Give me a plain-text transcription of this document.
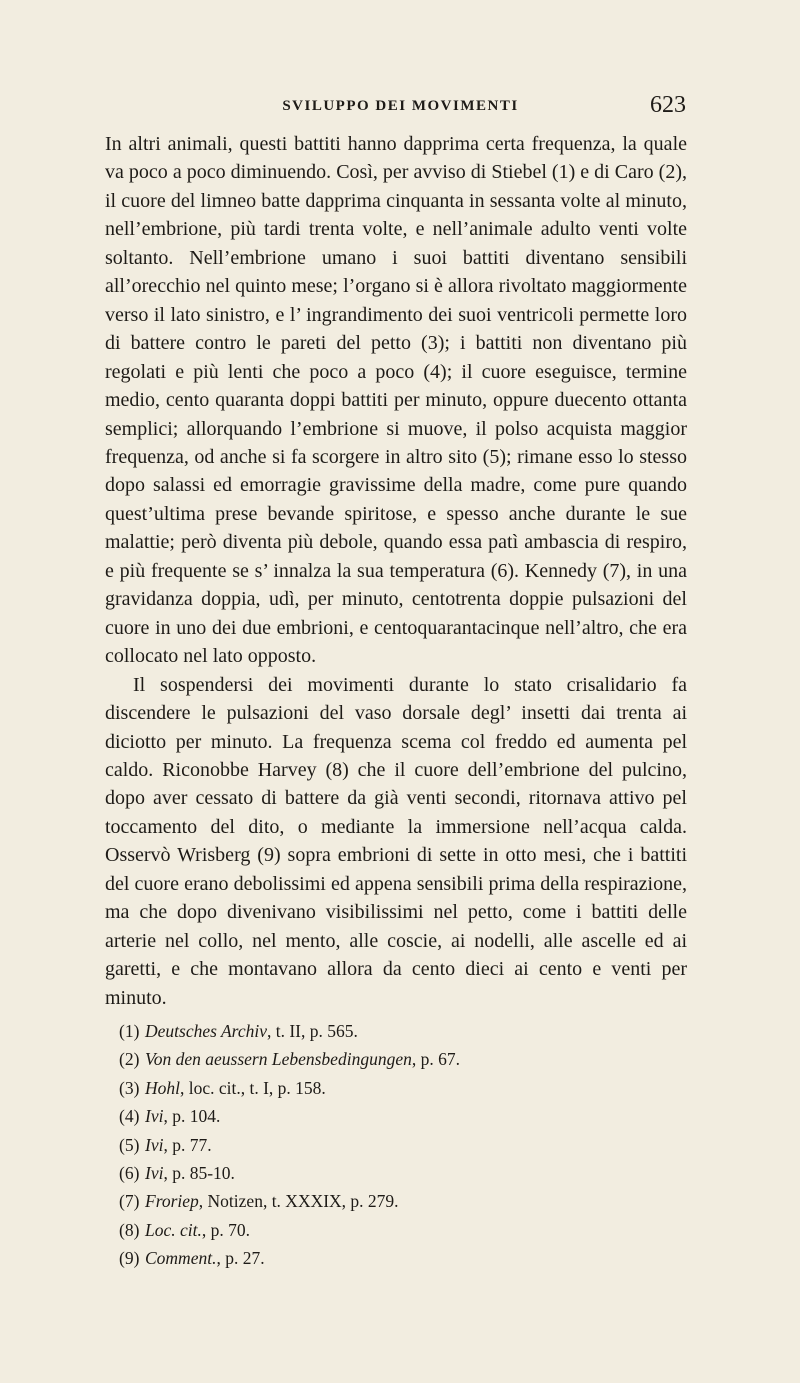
SVILUPPO DEI MOVIMENTI	623

In altri animali, questi battiti hanno dapprima certa frequenza, la quale va poco a poco diminuendo. Così, per avviso di Stiebel (1) e di Caro (2), il cuore del limneo batte dapprima cinquanta in sessanta volte al minuto, nell’embrione, più tardi trenta volte, e nell’animale adulto venti volte soltanto. Nell’embrione umano i suoi battiti diventano sensibili all’orecchio nel quinto mese; l’organo si è allora rivoltato maggiormente verso il lato sinistro, e l’ ingrandimento dei suoi ventricoli permette loro di battere contro le pareti del petto (3); i battiti non diventano più regolati e più lenti che poco a poco (4); il cuore eseguisce, termine medio, cento quaranta doppi battiti per minuto, oppure duecento ottanta semplici; allorquando l’embrione si muove, il polso acquista maggior frequenza, od anche si fa scorgere in altro sito (5); rimane esso lo stesso dopo salassi ed emorragie gravissime della madre, come pure quando quest’ultima prese bevande spiritose, e spesso anche durante le sue malattie; però diventa più debole, quando essa patì ambascia di respiro, e più frequente se s’ innalza la sua temperatura (6). Kennedy (7), in una gravidanza doppia, udì, per minuto, centotrenta doppie pulsazioni del cuore in uno dei due embrioni, e centoquarantacinque nell’altro, che era collocato nel lato opposto.

Il sospendersi dei movimenti durante lo stato crisalidario fa discendere le pulsazioni del vaso dorsale degl’ insetti dai trenta ai diciotto per minuto. La frequenza scema col freddo ed aumenta pel caldo. Riconobbe Harvey (8) che il cuore dell’embrione del pulcino, dopo aver cessato di battere da già venti secondi, ritornava attivo pel toccamento del dito, o mediante la immersione nell’acqua calda. Osservò Wrisberg (9) sopra embrioni di sette in otto mesi, che i battiti del cuore erano debolissimi ed appena sensibili prima della respirazione, ma che dopo divenivano visibilissimi nel petto, come i battiti delle arterie nel collo, nel mento, alle coscie, ai nodelli, alle ascelle ed ai garetti, e che montavano allora da cento dieci ai cento e venti per minuto.

(1) Deutsches Archiv, t. II, p. 565.
(2) Von den aeussern Lebensbedingungen, p. 67.
(3) Hohl, loc. cit., t. I, p. 158.
(4) Ivi, p. 104.
(5) Ivi, p. 77.
(6) Ivi, p. 85-10.
(7) Froriep, Notizen, t. XXXIX, p. 279.
(8) Loc. cit., p. 70.
(9) Comment., p. 27.
